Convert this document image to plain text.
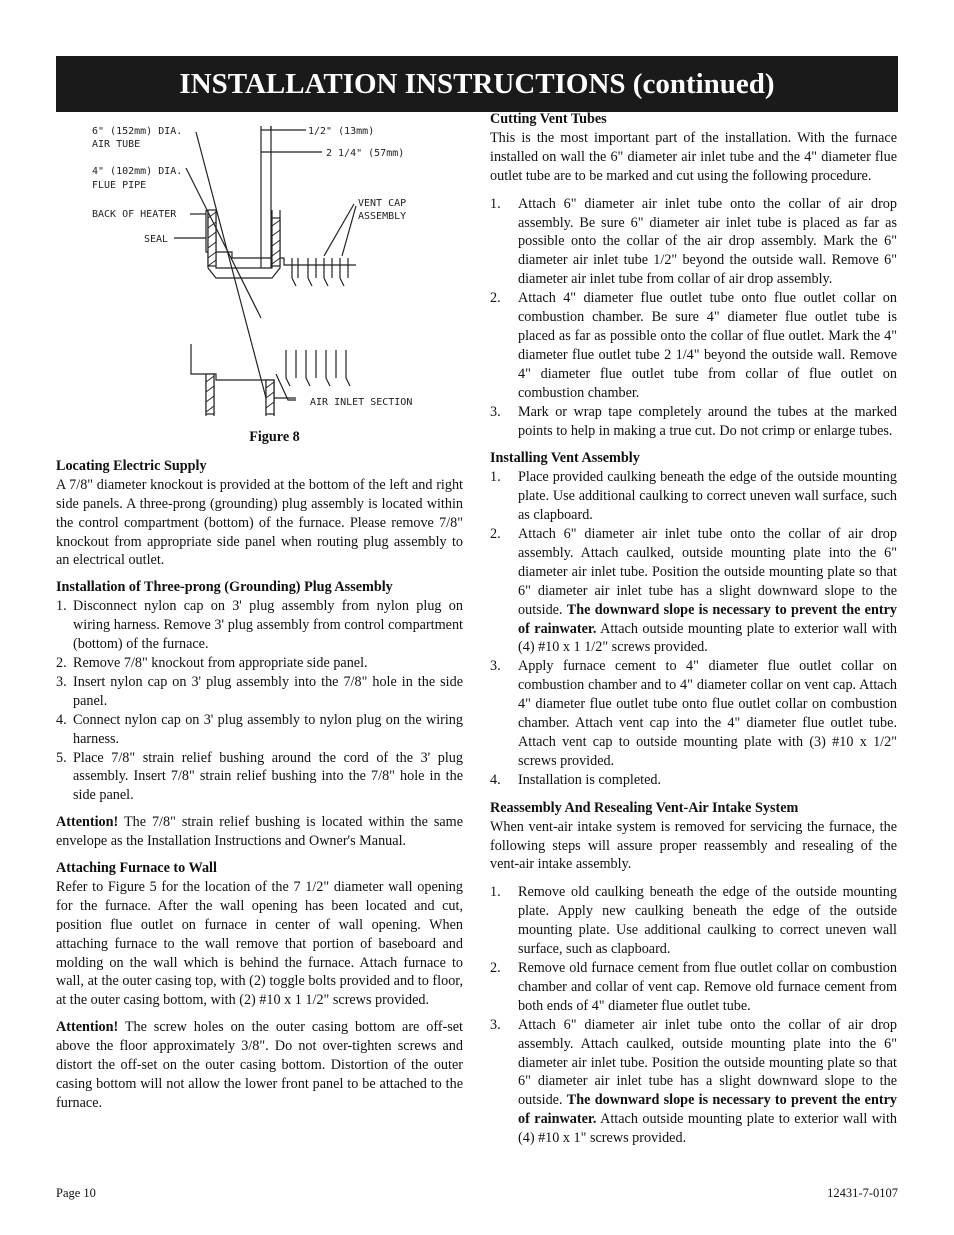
INSTALLATION INSTRUCTIONS (continued)
6" (152mm) DIA.
AIR TUBE
4" (102mm) DIA.
FLUE PIPE
BACK OF HEATER
SEAL
1/2" (13mm)
2 1/4" (57mm)
VENT CAP
ASSEMBLY
AIR INLET SECTION
Figure 8

Locating Electric Supply

A 7/8" diameter knockout is provided at the bottom of the left and right side panels. A three-prong (grounding) plug assembly is located within the control compartment (bottom) of the furnace. Please remove 7/8" knockout from appropriate side panel when routing plug assembly to an electrical outlet.

Installation of Three-prong (Grounding) Plug Assembly

1. Disconnect nylon cap on 3' plug assembly from nylon plug on wiring harness. Remove 3' plug assembly from control compartment (bottom) of the furnace.
2. Remove 7/8" knockout from appropriate side panel.
3. Insert nylon cap on 3' plug assembly into the 7/8" hole in the side panel.
4. Connect nylon cap on 3' plug assembly to nylon plug on the wiring harness.
5. Place 7/8" strain relief bushing around the cord of the 3' plug assembly. Insert 7/8" strain relief bushing into the 7/8" hole in the side panel.

Attention! The 7/8" strain relief bushing is located within the same envelope as the Installation Instructions and Owner's Manual.

Attaching Furnace to Wall

Refer to Figure 5 for the location of the 7 1/2" diameter wall opening for the furnace. After the wall opening has been located and cut, position flue outlet on furnace in center of wall opening. When attaching furnace to the wall remove that portion of baseboard and molding on the wall which is behind the furnace. Attach furnace to wall, at the outer casing top, with (2) toggle bolts provided and to floor, at the outer casing bottom, with (2) #10 x 1 1/2" screws provided.

Attention! The screw holes on the outer casing bottom are off-set above the floor approximately 3/8". Do not over-tighten screws and distort the off-set on the outer casing bottom. Distortion of the outer casing bottom will not allow the lower front panel to be attached to the furnace.

Cutting Vent Tubes

This is the most important part of the installation. With the furnace installed on wall the 6" diameter air inlet tube and the 4" diameter flue outlet tube are to be marked and cut using the following procedure.

1. Attach 6" diameter air inlet tube onto the collar of air drop assembly. Be sure 6" diameter air inlet tube is placed as far as possible onto the collar of the air drop assembly. Mark the 6" diameter air inlet tube 1/2" beyond the outside wall. Remove 6" diameter air inlet tube from collar of air drop assembly.
2. Attach 4" diameter flue outlet tube onto flue outlet collar on combustion chamber. Be sure 4" diameter flue outlet tube is placed as far as possible onto the collar of flue outlet. Mark the 4" diameter flue outlet tube 2 1/4" beyond the outside wall. Remove 4" diameter flue outlet tube from collar of flue outlet on combustion chamber.
3. Mark or wrap tape completely around the tubes at the marked points to help in making a true cut. Do not crimp or enlarge tubes.

Installing Vent Assembly

1. Place provided caulking beneath the edge of the outside mounting plate. Use additional caulking to correct uneven wall surface, such as clapboard.
2. Attach 6" diameter air inlet tube onto the collar of air drop assembly. Attach caulked, outside mounting plate into the 6" diameter air inlet tube. Position the outside mounting plate so that 6" diameter air inlet tube has a slight downward slope to the outside. The downward slope is necessary to prevent the entry of rainwater. Attach outside mounting plate to exterior wall with (4) #10 x 1 1/2" screws provided.
3. Apply furnace cement to 4" diameter flue outlet collar on combustion chamber and to 4" diameter collar on vent cap. Attach 4" diameter flue outlet tube onto flue outlet collar on combustion chamber. Attach vent cap into the 4" diameter flue outlet tube. Attach vent cap to outside mounting plate with (3) #10 x 1/2" screws provided.
4. Installation is completed.

Reassembly And Resealing Vent-Air Intake System

When vent-air intake system is removed for servicing the furnace, the following steps will assure proper reassembly and resealing of the vent-air intake assembly.

1. Remove old caulking beneath the edge of the outside mounting plate. Apply new caulking beneath the edge of the outside mounting plate. Use additional caulking to correct uneven wall surface, such as clapboard.
2. Remove old furnace cement from flue outlet collar on combustion chamber and collar of vent cap. Remove old furnace cement from both ends of 4" diameter flue outlet tube.
3. Attach 6" diameter air inlet tube onto the collar of air drop assembly. Attach caulked, outside mounting plate into the 6" diameter air inlet tube. Position the outside mounting plate so that 6" diameter air inlet tube has a slight downward slope to the outside. The downward slope is necessary to prevent the entry of rainwater. Attach outside mounting plate to exterior wall with (4) #10 x 1" screws provided.
Page 10	12431-7-0107
